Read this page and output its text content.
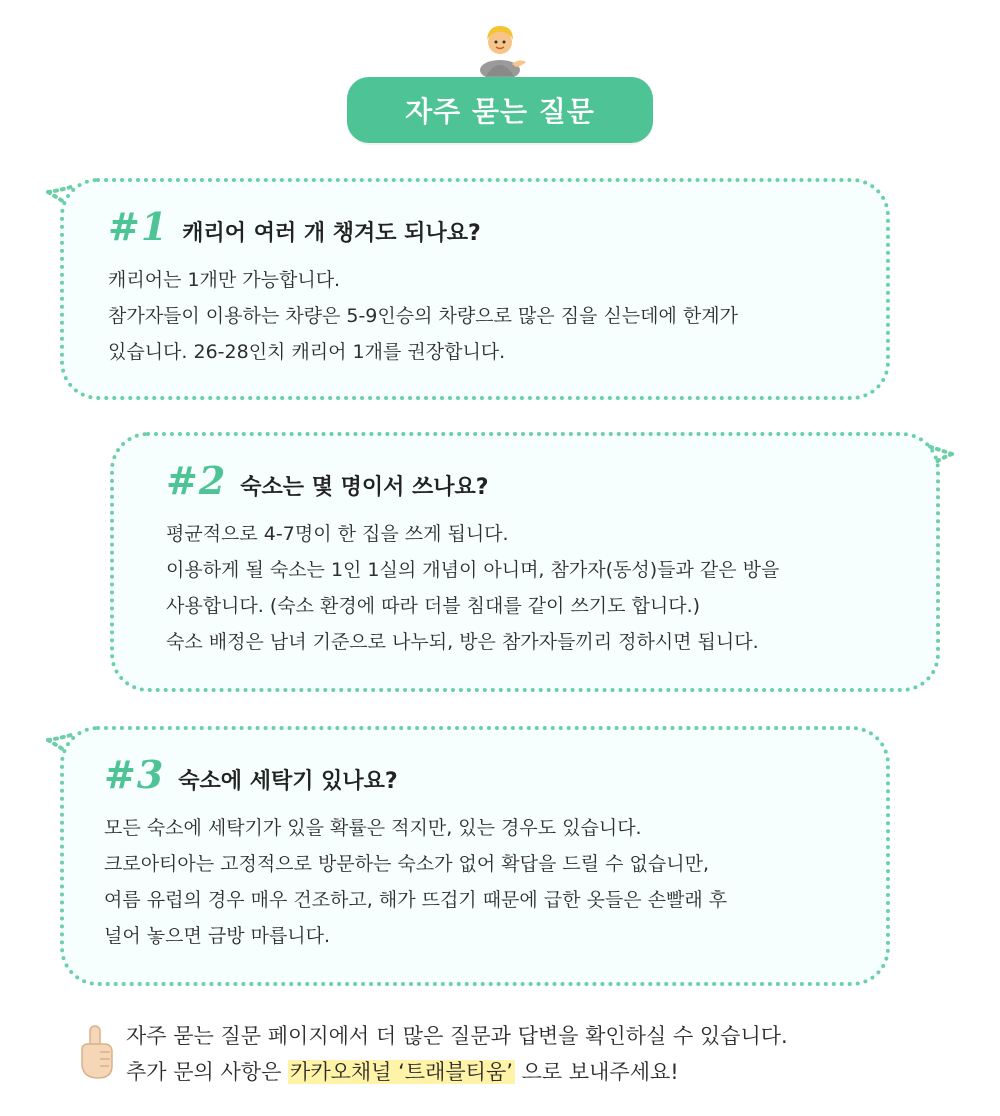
자주 묻는 질문
#1 캐리어 여러 개 챙겨도 되나요?
캐리어는 1개만 가능합니다.
참가자들이 이용하는 차량은 5-9인승의 차량으로 많은 짐을 싣는데에 한계가
있습니다. 26-28인치 캐리어 1개를 권장합니다.
#2 숙소는 몇 명이서 쓰나요?
평균적으로 4-7명이 한 집을 쓰게 됩니다.
이용하게 될 숙소는 1인 1실의 개념이 아니며, 참가자(동성)들과 같은 방을
사용합니다. (숙소 환경에 따라 더블 침대를 같이 쓰기도 합니다.)
숙소 배정은 남녀 기준으로 나누되, 방은 참가자들끼리 정하시면 됩니다.
#3 숙소에 세탁기 있나요?
모든 숙소에 세탁기가 있을 확률은 적지만, 있는 경우도 있습니다.
크로아티아는 고정적으로 방문하는 숙소가 없어 확답을 드릴 수 없습니만,
여름 유럽의 경우 매우 건조하고, 해가 뜨겁기 때문에 급한 옷들은 손빨래 후
널어 놓으면 금방 마릅니다.
자주 묻는 질문 페이지에서 더 많은 질문과 답변을 확인하실 수 있습니다.
추가 문의 사항은 카카오채널 ‘트래블티움’ 으로 보내주세요!
